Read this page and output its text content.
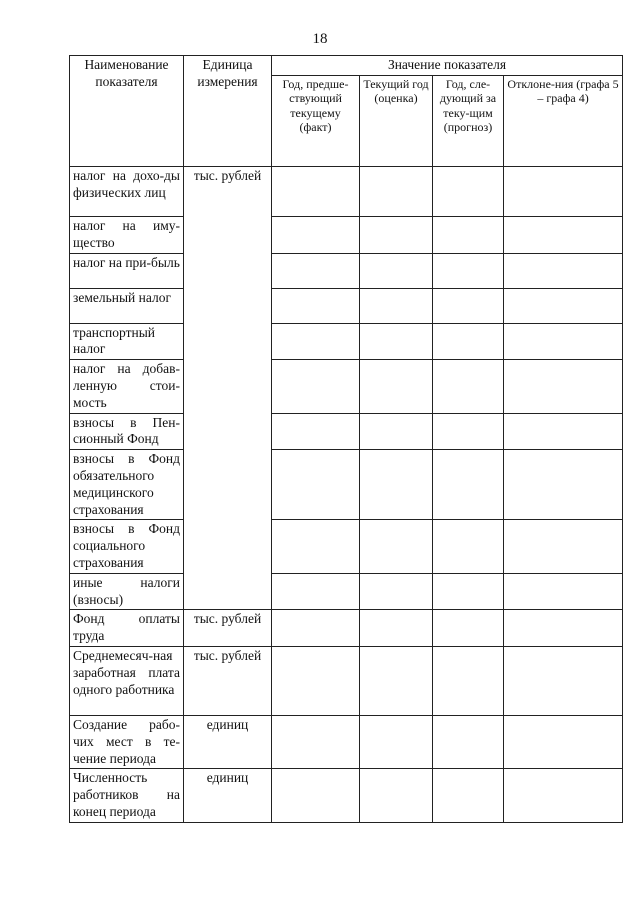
18
Наименование показателя	Единица измерения	Значение показателя			
		Год, предше-ствующий текущему (факт)	Текущий год (оценка)	Год, сле-дующий за теку-щим (прогноз)	Отклоне-ния (графа 5 – графа 4)
налог на дохо-ды физических лиц	тыс. рублей				
налог на иму-щество					
налог на при-быль					
земельный налог					
транспортный налог					
налог на добав-ленную стои-мость					
взносы в Пен-сионный Фонд					
взносы в Фонд обязательного медицинского страхования					
взносы в Фонд социального страхования					
иные налоги (взносы)					
Фонд оплаты труда	тыс. рублей				
Среднемесяч-ная заработная плата одного работника	тыс. рублей				
Создание рабо-чих мест в те-чение периода	единиц				
Численность работников на конец периода	единиц				
